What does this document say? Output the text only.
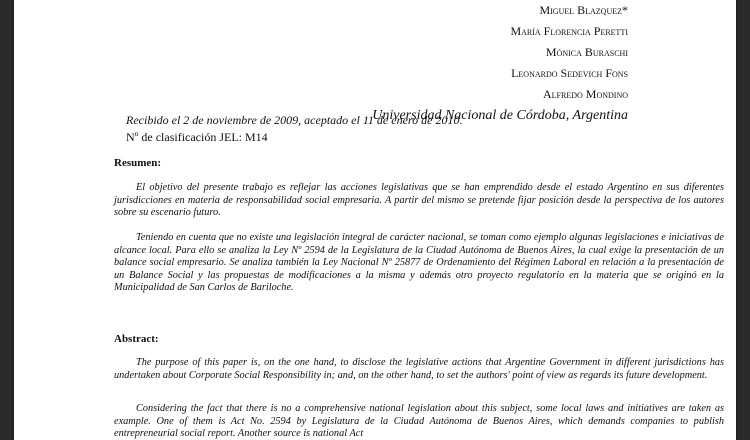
Miguel Blazquez*
María Florencia Peretti
Mónica Buraschi
Leonardo Sedevich Fons
Alfredo Mondino
Universidad Nacional de Córdoba, Argentina
Recibido el 2 de noviembre de 2009, aceptado el 11 de enero de 2010.
Nº de clasificación JEL: M14
Resumen:
El objetivo del presente trabajo es reflejar las acciones legislativas que se han emprendido desde el estado Argentino en sus diferentes jurisdicciones en materia de responsabilidad social empresaria. A partir del mismo se pretende fijar posición desde la perspectiva de los autores sobre su escenario futuro.
Teniendo en cuenta que no existe una legislación integral de carácter nacional, se toman como ejemplo algunas legislaciones e iniciativas de alcance local. Para ello se analiza la Ley Nº 2594 de la Legislatura de la Ciudad Autónoma de Buenos Aires, la cual exige la presentación de un balance social empresario. Se analiza también la Ley Nacional Nº 25877 de Ordenamiento del Régimen Laboral en relación a la presentación de un Balance Social y las propuestas de modificaciones a la misma y además otro proyecto regulatorio en la materia que se originó en la Municipalidad de San Carlos de Bariloche.
Abstract:
The purpose of this paper is, on the one hand, to disclose the legislative actions that Argentine Government in different jurisdictions has undertaken about Corporate Social Responsibility in; and, on the other hand, to set the authors' point of view as regards its future development.
Considering the fact that there is no a comprehensive national legislation about this subject, some local laws and initiatives are taken as example. One of them is Act No. 2594 by Legislatura de la Ciudad Autónoma de Buenos Aires, which demands companies to publish entrepreneurial social report. Another source is national Act
